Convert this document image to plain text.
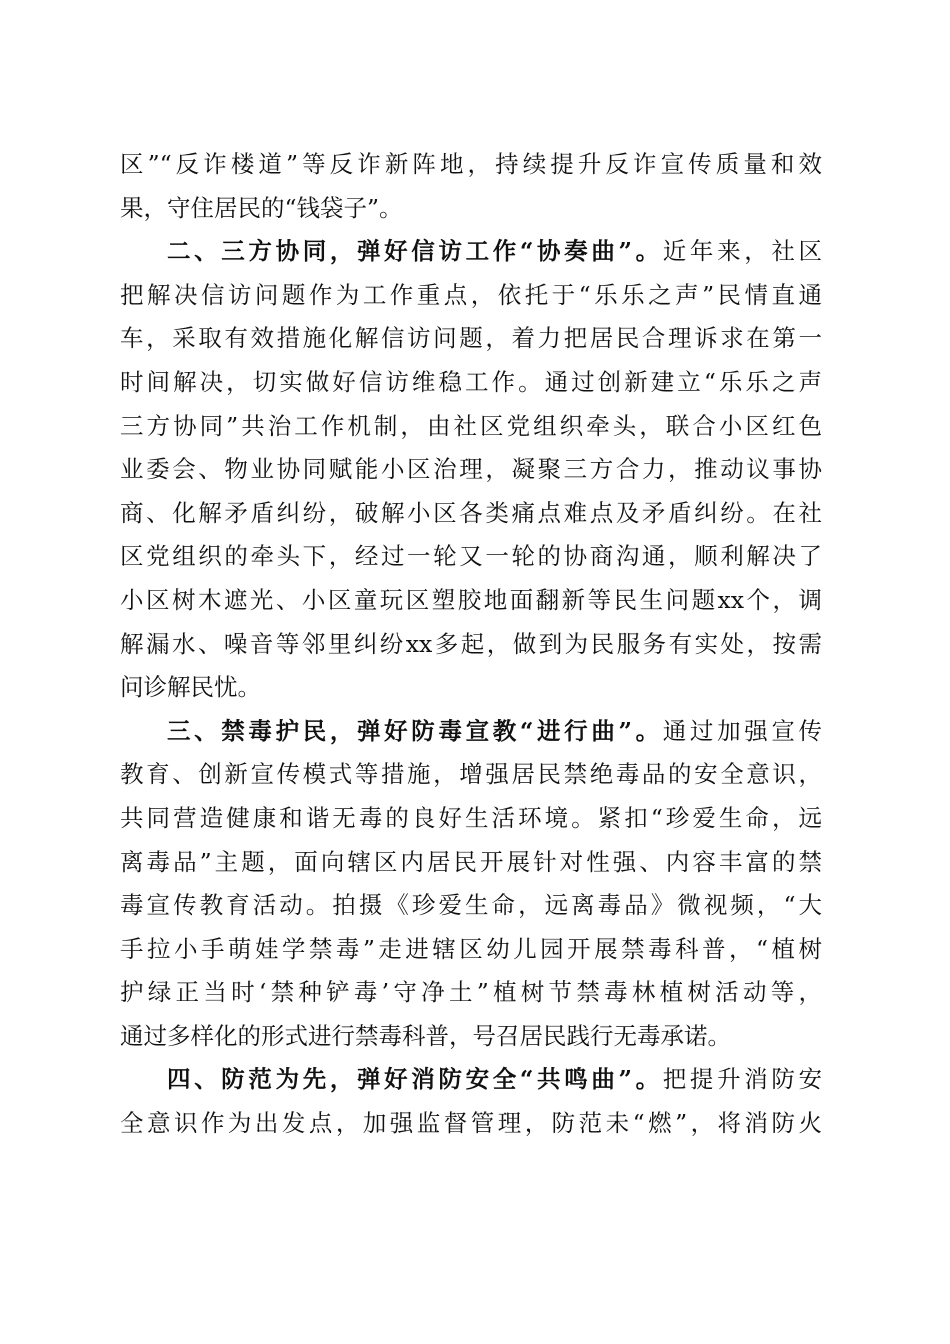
区”“反诈楼道”等反诈新阵地，持续提升反诈宣传质量和效
果，守住居民的“钱袋子”。
二、三方协同，弹好信访工作“协奏曲”。近年来，社区
把解决信访问题作为工作重点，依托于“乐乐之声”民情直通
车，采取有效措施化解信访问题，着力把居民合理诉求在第一
时间解决，切实做好信访维稳工作。通过创新建立“乐乐之声
三方协同”共治工作机制，由社区党组织牵头，联合小区红色
业委会、物业协同赋能小区治理，凝聚三方合力，推动议事协
商、化解矛盾纠纷，破解小区各类痛点难点及矛盾纠纷。在社
区党组织的牵头下，经过一轮又一轮的协商沟通，顺利解决了
小区树木遮光、小区童玩区塑胶地面翻新等民生问题xx个，调
解漏水、噪音等邻里纠纷xx多起，做到为民服务有实处，按需
问诊解民忧。
三、禁毒护民，弹好防毒宣教“进行曲”。通过加强宣传
教育、创新宣传模式等措施，增强居民禁绝毒品的安全意识，
共同营造健康和谐无毒的良好生活环境。紧扣“珍爱生命，远
离毒品”主题，面向辖区内居民开展针对性强、内容丰富的禁
毒宣传教育活动。拍摄《珍爱生命，远离毒品》微视频，“大
手拉小手萌娃学禁毒”走进辖区幼儿园开展禁毒科普，“植树
护绿正当时‘禁种铲毒’守净土”植树节禁毒林植树活动等，
通过多样化的形式进行禁毒科普，号召居民践行无毒承诺。
四、防范为先，弹好消防安全“共鸣曲”。把提升消防安
全意识作为出发点，加强监督管理，防范未“燃”，将消防火
